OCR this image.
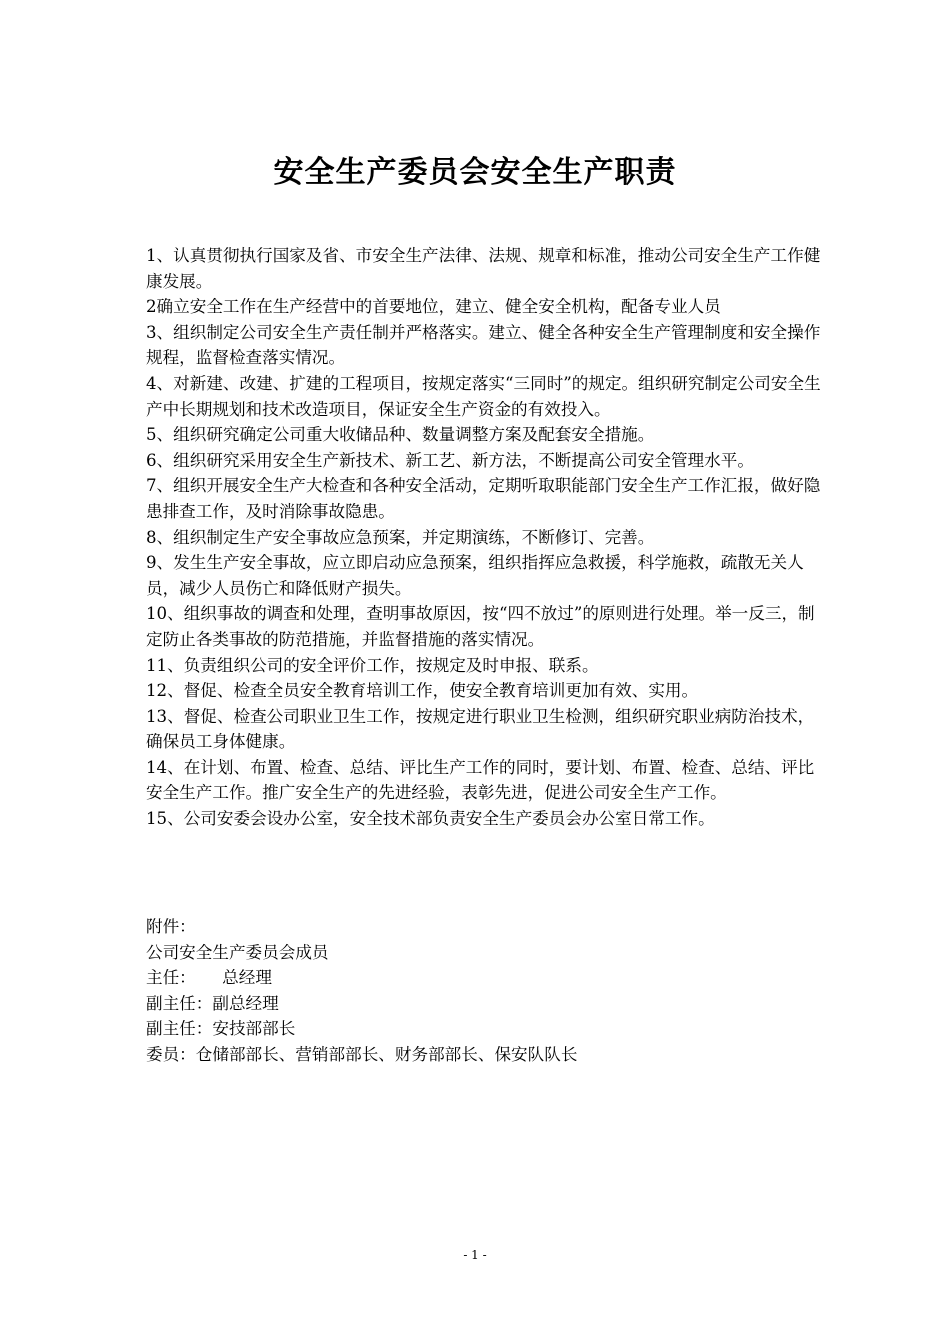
安全生产委员会安全生产职责

1、认真贯彻执行国家及省、市安全生产法律、法规、规章和标准，推动公司安全生产工作健康发展。

2确立安全工作在生产经营中的首要地位，建立、健全安全机构，配备专业人员

3、组织制定公司安全生产责任制并严格落实。建立、健全各种安全生产管理制度和安全操作规程，监督检查落实情况。

4、对新建、改建、扩建的工程项目，按规定落实“三同时”的规定。组织研究制定公司安全生产中长期规划和技术改造项目，保证安全生产资金的有效投入。

5、组织研究确定公司重大收储品种、数量调整方案及配套安全措施。

6、组织研究采用安全生产新技术、新工艺、新方法，不断提高公司安全管理水平。

7、组织开展安全生产大检查和各种安全活动，定期听取职能部门安全生产工作汇报，做好隐患排查工作，及时消除事故隐患。

8、组织制定生产安全事故应急预案，并定期演练，不断修订、完善。

9、发生生产安全事故，应立即启动应急预案，组织指挥应急救援，科学施救，疏散无关人员，减少人员伤亡和降低财产损失。

10、组织事故的调查和处理，查明事故原因，按“四不放过”的原则进行处理。举一反三，制定防止各类事故的防范措施，并监督措施的落实情况。

11、负责组织公司的安全评价工作，按规定及时申报、联系。

12、督促、检查全员安全教育培训工作，使安全教育培训更加有效、实用。

13、督促、检查公司职业卫生工作，按规定进行职业卫生检测，组织研究职业病防治技术，确保员工身体健康。

14、在计划、布置、检查、总结、评比生产工作的同时，要计划、布置、检查、总结、评比安全生产工作。推广安全生产的先进经验，表彰先进，促进公司安全生产工作。

15、公司安委会设办公室，安全技术部负责安全生产委员会办公室日常工作。

附件：
公司安全生产委员会成员
主任：     总经理
副主任：副总经理
副主任：安技部部长
委员：仓储部部长、营销部部长、财务部部长、保安队队长
- 1 -
